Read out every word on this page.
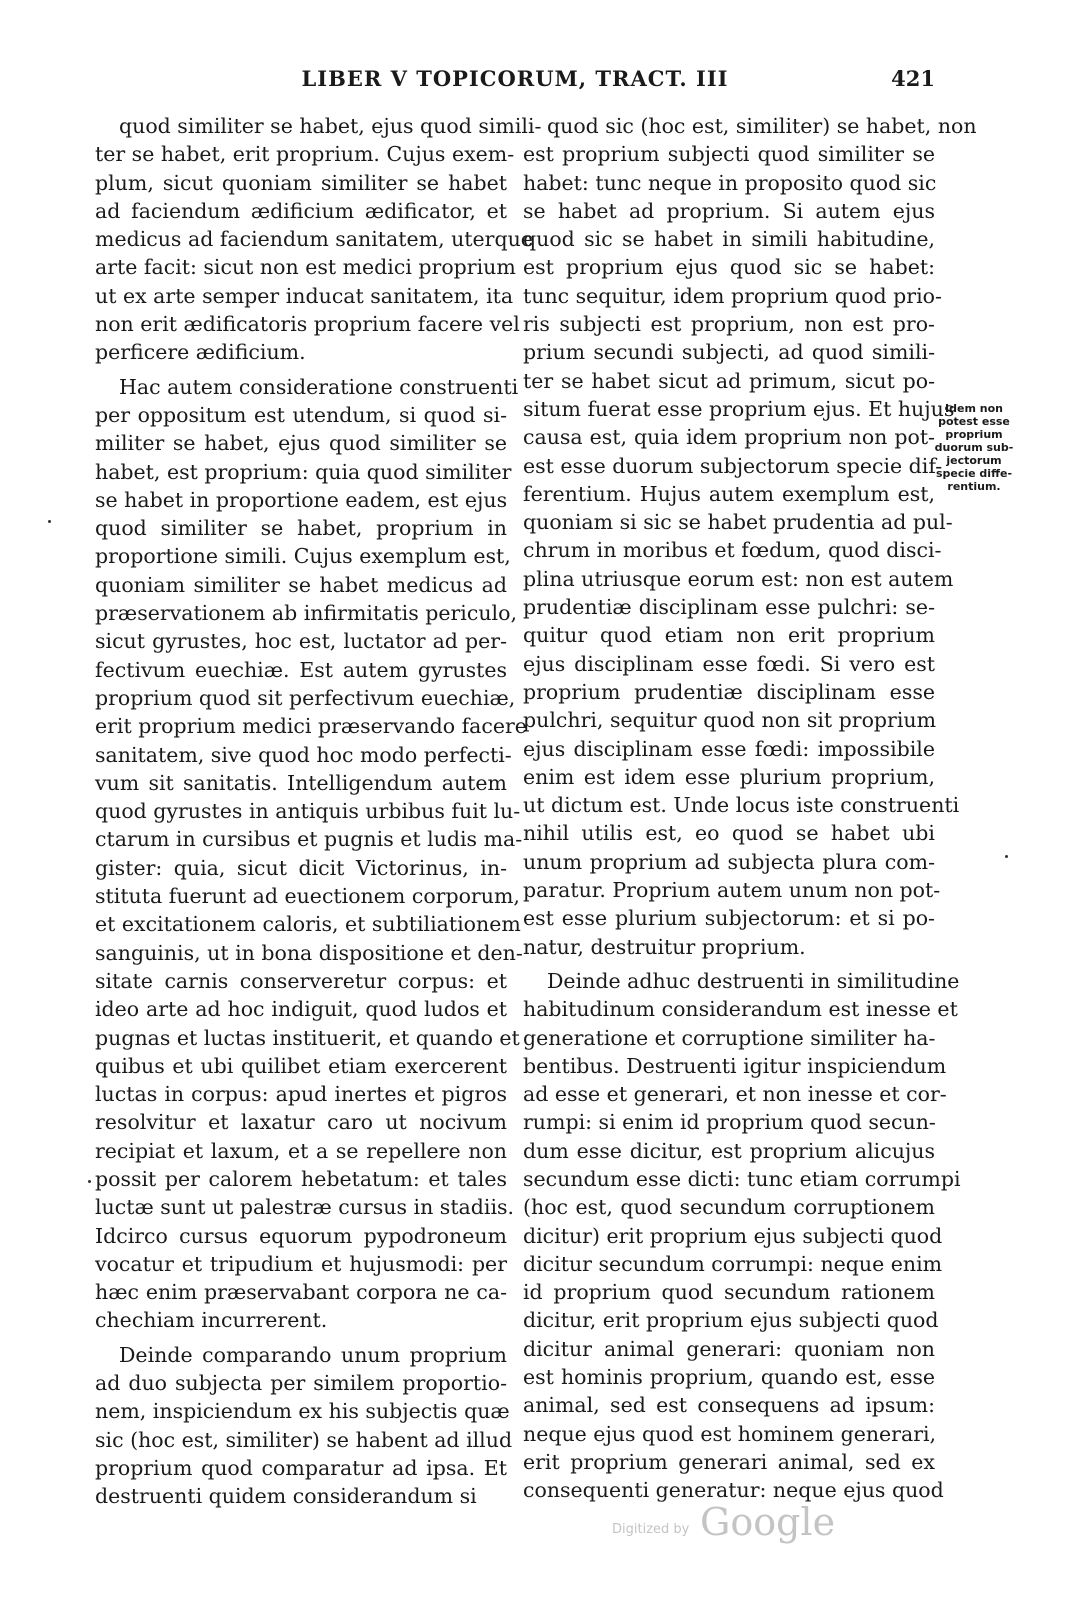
LIBER V TOPICORUM, TRACT. III	421

quod similiter se habet, ejus quod simili-
ter se habet, erit proprium. Cujus exem-
plum, sicut quoniam similiter se habet
ad faciendum ædificium ædificator, et
medicus ad faciendum sanitatem, uterque
arte facit: sicut non est medici proprium
ut ex arte semper inducat sanitatem, ita
non erit ædificatoris proprium facere vel
perficere ædificium.

Hac autem consideratione construenti
per oppositum est utendum, si quod si-
militer se habet, ejus quod similiter se
habet, est proprium: quia quod similiter
se habet in proportione eadem, est ejus
quod similiter se habet, proprium in
proportione simili. Cujus exemplum est,
quoniam similiter se habet medicus ad
præservationem ab infirmitatis periculo,
sicut gyrustes, hoc est, luctator ad per-
fectivum euechiæ. Est autem gyrustes
proprium quod sit perfectivum euechiæ,
erit proprium medici præservando facere
sanitatem, sive quod hoc modo perfecti-
vum sit sanitatis. Intelligendum autem
quod gyrustes in antiquis urbibus fuit lu-
ctarum in cursibus et pugnis et ludis ma-
gister: quia, sicut dicit Victorinus, in-
stituta fuerunt ad euectionem corporum,
et excitationem caloris, et subtiliationem
sanguinis, ut in bona dispositione et den-
sitate carnis conserveretur corpus: et
ideo arte ad hoc indiguit, quod ludos et
pugnas et luctas instituerit, et quando et
quibus et ubi quilibet etiam exercerent
luctas in corpus: apud inertes et pigros
resolvitur et laxatur caro ut nocivum
recipiat et laxum, et a se repellere non
possit per calorem hebetatum: et tales
luctæ sunt ut palestræ cursus in stadiis.
Idcirco cursus equorum pypodroneum
vocatur et tripudium et hujusmodi: per
hæc enim præservabant corpora ne ca-
chechiam incurrerent.

Deinde comparando unum proprium
ad duo subjecta per similem proportio-
nem, inspiciendum ex his subjectis quæ
sic (hoc est, similiter) se habent ad illud
proprium quod comparatur ad ipsa. Et
destruenti quidem considerandum si

quod sic (hoc est, similiter) se habet, non
est proprium subjecti quod similiter se
habet: tunc neque in proposito quod sic
se habet ad proprium. Si autem ejus
quod sic se habet in simili habitudine,
est proprium ejus quod sic se habet:
tunc sequitur, idem proprium quod prio-
ris subjecti est proprium, non est pro-
prium secundi subjecti, ad quod simili-
ter se habet sicut ad primum, sicut po-
situm fuerat esse proprium ejus. Et hujus
causa est, quia idem proprium non pot-
est esse duorum subjectorum specie dif-
ferentium. Hujus autem exemplum est,
quoniam si sic se habet prudentia ad pul-
chrum in moribus et fœdum, quod disci-
plina utriusque eorum est: non est autem
prudentiæ disciplinam esse pulchri: se-
quitur quod etiam non erit proprium
ejus disciplinam esse fœdi. Si vero est
proprium prudentiæ disciplinam esse
pulchri, sequitur quod non sit proprium
ejus disciplinam esse fœdi: impossibile
enim est idem esse plurium proprium,
ut dictum est. Unde locus iste construenti
nihil utilis est, eo quod se habet ubi
unum proprium ad subjecta plura com-
paratur. Proprium autem unum non pot-
est esse plurium subjectorum: et si po-
natur, destruitur proprium.

Deinde adhuc destruenti in similitudine
habitudinum considerandum est inesse et
generatione et corruptione similiter ha-
bentibus. Destruenti igitur inspiciendum
ad esse et generari, et non inesse et cor-
rumpi: si enim id proprium quod secun-
dum esse dicitur, est proprium alicujus
secundum esse dicti: tunc etiam corrumpi
(hoc est, quod secundum corruptionem
dicitur) erit proprium ejus subjecti quod
dicitur secundum corrumpi: neque enim
id proprium quod secundum rationem
dicitur, erit proprium ejus subjecti quod
dicitur animal generari: quoniam non
est hominis proprium, quando est, esse
animal, sed est consequens ad ipsum:
neque ejus quod est hominem generari,
erit proprium generari animal, sed ex
consequenti generatur: neque ejus quod

Idem non
potest esse
proprium
duorum sub-
jectorum
specie diffe-
rentium.
Digitized by Google
